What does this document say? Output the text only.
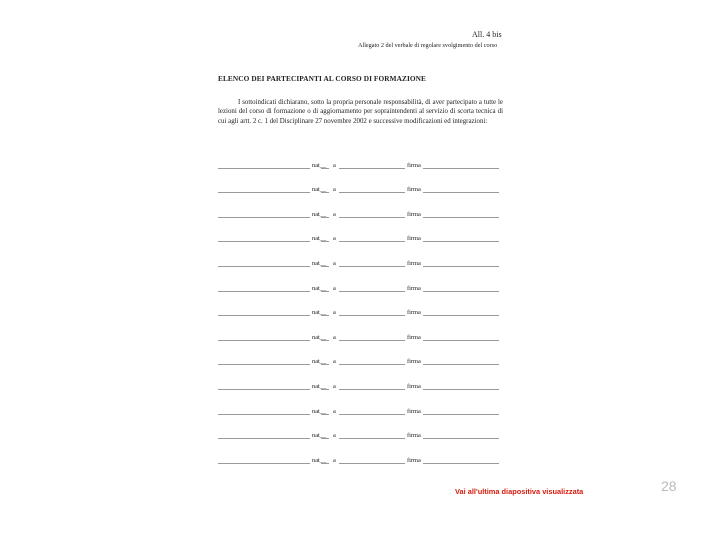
All. 4 bis
Allegato 2 del verbale di regolare svolgimento del corso
ELENCO DEI PARTECIPANTI AL CORSO DI FORMAZIONE
I sottoindicati dichiarano, sotto la propria personale responsabilità, di aver partecipato a tutte le lezioni del corso di formazione o di aggiornamento per sopraintendenti al servizio di scorta tecnica di cui agli artt. 2 c. 1 del Disciplinare 27 novembre 2002 e successive modificazioni ed integrazioni:
nat__ a	firma
nat__ a	firma
nat__ a	firma
nat__ a	firma
nat__ a	firma
nat__ a	firma
nat__ a	firma
nat__ a	firma
nat__ a	firma
nat__ a	firma
nat__ a	firma
nat__ a	firma
nat__ a	firma
Vai all'ultima diapositiva visualizzata	28
